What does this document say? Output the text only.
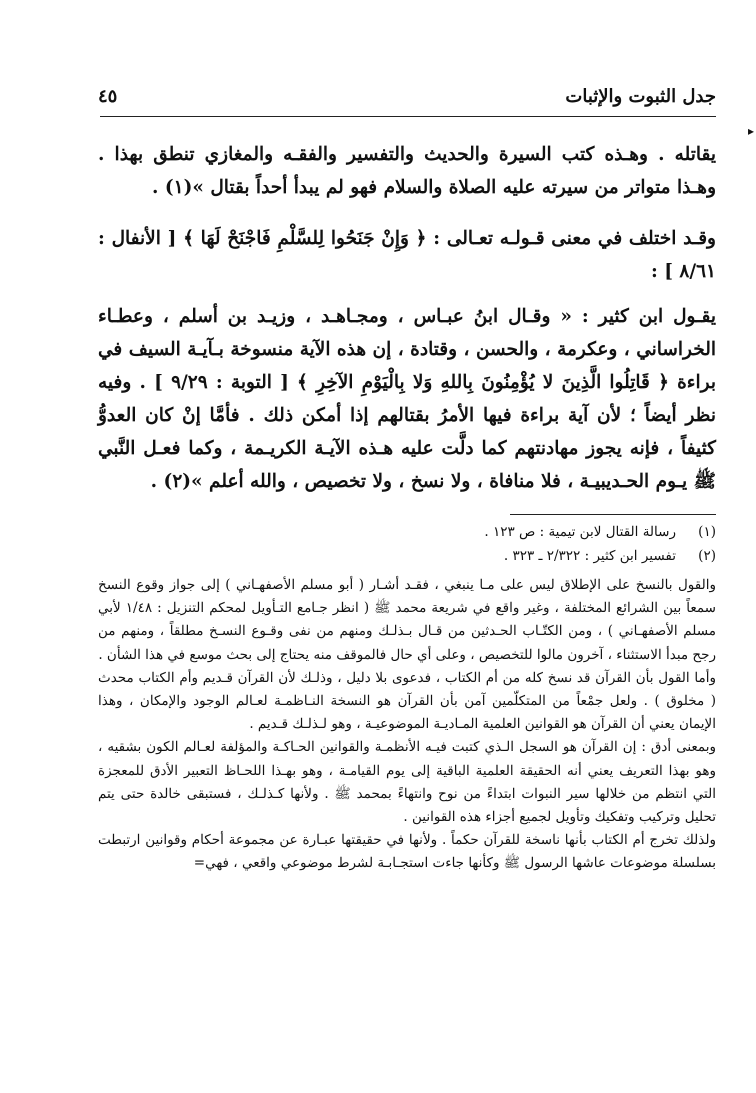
▸
جدل الثبوت والإثبات
٤٥
يقاتله . وهـذه كتب السيرة والحديث والتفسير والفقـه والمغازي تنطق بهذا . وهـذا متواتر من سيرته عليه الصلاة والسلام فهو لم يبدأ أحداً بقتال »(١) .
وقـد اختلف في معنى قـولـه تعـالى : ﴿ وَإِنْ جَنَحُوا لِلسَّلْمِ فَاجْنَحْ لَهَا ﴾ [ الأنفال : ٨/٦١ ] :
يقـول ابن كثير : « وقـال ابنُ عبـاس ، ومجـاهـد ، وزيـد بن أسلم ، وعطـاء الخراساني ، وعكرمة ، والحسن ، وقتادة ، إن هذه الآية منسوخة بـآيـة السيف في براءة ﴿ قَاتِلُوا الَّذِينَ لا يُؤْمِنُونَ بِاللهِ وَلا بِالْيَوْمِ الآخِرِ ﴾ [ التوبة : ٩/٢٩ ] . وفيه نظر أيضاً ؛ لأن آية براءة فيها الأمرُ بقتالهم إذا أمكن ذلك . فأمَّا إنْ كان العدوُّ كثيفاً ، فإنه يجوز مهادنتهم كما دلَّت عليه هـذه الآيـة الكريـمة ، وكما فعـل النَّبي ﷺ يـوم الحـديبيـة ، فلا منافاة ، ولا نسخ ، ولا تخصيص ، والله أعلم »(٢) .
(١)
رسالة القتال لابن تيمية : ص ١٢٣ .
(٢)
تفسير ابن كثير : ٢/٣٢٢ ـ ٣٢٣ .

والقول بالنسخ على الإطلاق ليس على مـا ينبغي ، فقـد أشـار ( أبو مسلم الأصفهـاني ) إلى جواز وقوع النسخ سمعاً بين الشرائع المختلفة ، وغير واقع في شريعة محمد ﷺ ( انظر جـامع التـأويل لمحكم التنزيل : ١/٤٨ لأبي مسلم الأصفهـاني ) ، ومن الكتّـاب الحـدثين من قـال بـذلـك ومنهم من نفى وقـوع النسـخ مطلقاً ، ومنهم من رجح مبدأ الاستثناء ، آخرون مالوا للتخصيص ، وعلى أي حال فالموقف منه يحتاج إلى بحث موسع في هذا الشأن .

وأما القول بأن القرآن قد نسخ كله من أم الكتاب ، فدعوى بلا دليل ، وذلـك لأن القرآن قـديم وأم الكتاب محدث ( مخلوق ) . ولعل جمْعاً من المتكلّمين آمن بأن القرآن هو النسخة النـاظمـة لعـالم الوجود والإمكان ، وهذا الإيمان يعني أن القرآن هو القوانين العلمية المـاديـة الموضوعيـة ، وهو لـذلـك قـديم .

وبمعنى أدق : إن القرآن هو السجل الـذي كتبت فيـه الأنظمـة والقوانين الحـاكـة والمؤلفة لعـالم الكون بشقيه ، وهو بهذا التعريف يعني أنه الحقيقة العلمية الباقية إلى يوم القيامـة ، وهو بهـذا اللحـاظ التعبير الأدق للمعجزة التي انتظم من خلالها سير النبوات ابتداءً من نوح وانتهاءً بمحمد ﷺ . ولأنها كـذلـك ، فستبقى خالدة حتى يتم تحليل وتركيب وتفكيك وتأويل لجميع أجزاء هذه القوانين .

ولذلك تخرج أم الكتاب بأنها ناسخة للقرآن حكماً . ولأنها في حقيقتها عبـارة عن مجموعة أحكام وقوانين ارتبطت بسلسلة موضوعات عاشها الرسول ﷺ وكأنها جاءت استجـابـة لشرط موضوعي واقعي ، فهي=
